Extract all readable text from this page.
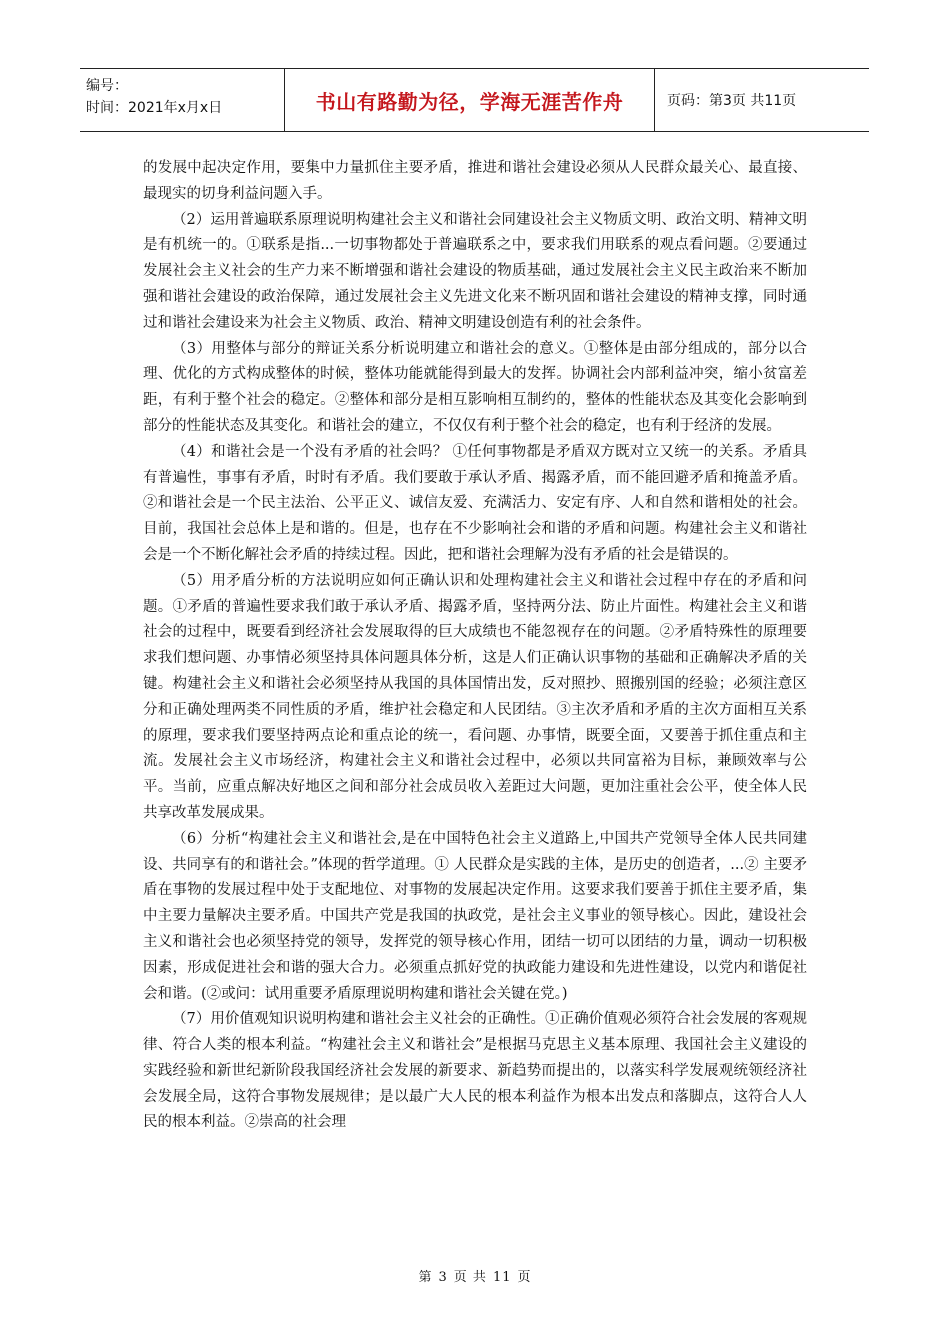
编号：
时间：2021年x月x日	书山有路勤为径，学海无涯苦作舟	页码：第3页 共11页

的发展中起决定作用，要集中力量抓住主要矛盾，推进和谐社会建设必须从人民群众最关心、最直接、最现实的切身利益问题入手。

（2）运用普遍联系原理说明构建社会主义和谐社会同建设社会主义物质文明、政治文明、精神文明是有机统一的。①联系是指...一切事物都处于普遍联系之中，要求我们用联系的观点看问题。②要通过发展社会主义社会的生产力来不断增强和谐社会建设的物质基础，通过发展社会主义民主政治来不断加强和谐社会建设的政治保障，通过发展社会主义先进文化来不断巩固和谐社会建设的精神支撑，同时通过和谐社会建设来为社会主义物质、政治、精神文明建设创造有利的社会条件。

（3）用整体与部分的辩证关系分析说明建立和谐社会的意义。①整体是由部分组成的，部分以合理、优化的方式构成整体的时候，整体功能就能得到最大的发挥。协调社会内部利益冲突，缩小贫富差距，有利于整个社会的稳定。②整体和部分是相互影响相互制约的，整体的性能状态及其变化会影响到部分的性能状态及其变化。和谐社会的建立，不仅仅有利于整个社会的稳定，也有利于经济的发展。

（4）和谐社会是一个没有矛盾的社会吗？ ①任何事物都是矛盾双方既对立又统一的关系。矛盾具有普遍性，事事有矛盾，时时有矛盾。我们要敢于承认矛盾、揭露矛盾，而不能回避矛盾和掩盖矛盾。②和谐社会是一个民主法治、公平正义、诚信友爱、充满活力、安定有序、人和自然和谐相处的社会。目前，我国社会总体上是和谐的。但是，也存在不少影响社会和谐的矛盾和问题。构建社会主义和谐社会是一个不断化解社会矛盾的持续过程。因此，把和谐社会理解为没有矛盾的社会是错误的。

（5）用矛盾分析的方法说明应如何正确认识和处理构建社会主义和谐社会过程中存在的矛盾和问题。①矛盾的普遍性要求我们敢于承认矛盾、揭露矛盾，坚持两分法、防止片面性。构建社会主义和谐社会的过程中，既要看到经济社会发展取得的巨大成绩也不能忽视存在的问题。②矛盾特殊性的原理要求我们想问题、办事情必须坚持具体问题具体分析，这是人们正确认识事物的基础和正确解决矛盾的关键。构建社会主义和谐社会必须坚持从我国的具体国情出发，反对照抄、照搬别国的经验；必须注意区分和正确处理两类不同性质的矛盾，维护社会稳定和人民团结。③主次矛盾和矛盾的主次方面相互关系的原理，要求我们要坚持两点论和重点论的统一，看问题、办事情，既要全面，又要善于抓住重点和主流。发展社会主义市场经济，构建社会主义和谐社会过程中，必须以共同富裕为目标，兼顾效率与公平。当前，应重点解决好地区之间和部分社会成员收入差距过大问题，更加注重社会公平，使全体人民共享改革发展成果。

（6）分析“构建社会主义和谐社会,是在中国特色社会主义道路上,中国共产党领导全体人民共同建设、共同享有的和谐社会。”体现的哲学道理。① 人民群众是实践的主体，是历史的创造者，...② 主要矛盾在事物的发展过程中处于支配地位、对事物的发展起决定作用。这要求我们要善于抓住主要矛盾，集中主要力量解决主要矛盾。中国共产党是我国的执政党，是社会主义事业的领导核心。因此，建设社会主义和谐社会也必须坚持党的领导，发挥党的领导核心作用，团结一切可以团结的力量，调动一切积极因素，形成促进社会和谐的强大合力。必须重点抓好党的执政能力建设和先进性建设，以党内和谐促社会和谐。(②或问：试用重要矛盾原理说明构建和谐社会关键在党。)

（7）用价值观知识说明构建和谐社会主义社会的正确性。①正确价值观必须符合社会发展的客观规律、符合人类的根本利益。“构建社会主义和谐社会”是根据马克思主义基本原理、我国社会主义建设的实践经验和新世纪新阶段我国经济社会发展的新要求、新趋势而提出的，以落实科学发展观统领经济社会发展全局，这符合事物发展规律；是以最广大人民的根本利益作为根本出发点和落脚点，这符合人人民的根本利益。②崇高的社会理

第 3 页 共 11 页
